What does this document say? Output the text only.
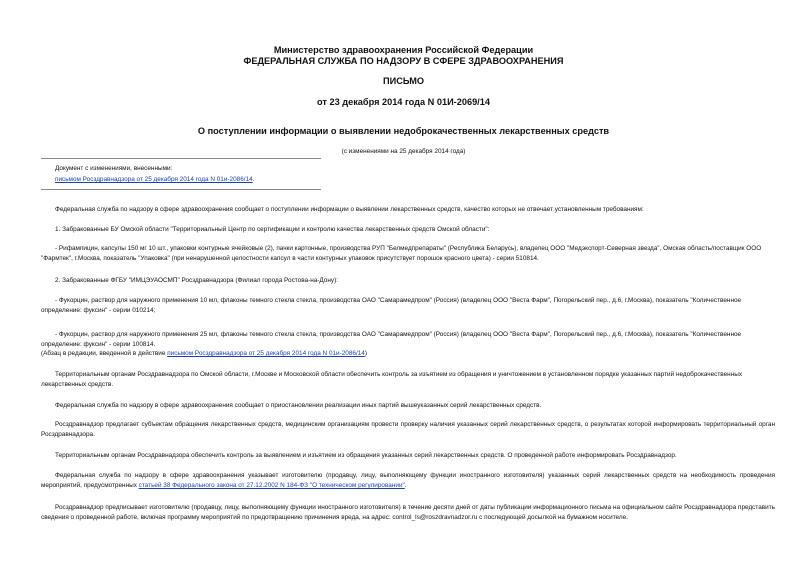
Министерство здравоохранения Российской Федерации
ФЕДЕРАЛЬНАЯ СЛУЖБА ПО НАДЗОРУ В СФЕРЕ ЗДРАВООХРАНЕНИЯ
ПИСЬМО
от 23 декабря 2014 года N 01И-2069/14
О поступлении информации о выявлении недоброкачественных лекарственных средств
(с изменениями на 25 декабря 2014 года)
Документ с изменениями, внесенными:
письмом Росздравнадзора от 25 декабря 2014 года N 01и-2086/14.
Федеральная служба по надзору в сфере здравоохранения сообщает о поступлении информации о выявлении лекарственных средств, качество которых не отвечает установленным требованиям:
1. Забракованные БУ Омской области "Территориальный Центр по сертификации и контролю качества лекарственных средств Омской области":
- Рифампицин, капсулы 150 мг 10 шт., упаковки контурные ячейковые (2), пачки картонные, производства РУП "Белмедпрепараты" (Республика Беларусь), владелец ООО "Медэкспорт-Северная звезда", Омская область/поставщик ООО "Фармтек", г.Москва, показатель "Упаковка" (при ненарушенной целостности капсул в части контурных упаковок присутствует порошок красного цвета) - серии 510814.
2. Забракованные ФГБУ "ИМЦЭУАОСМП" Росздравнадзора (Филиал города Ростова-на-Дону):
- Фукорцин, раствор для наружного применения 10 мл, флаконы темного стекла стекла, производства ОАО "Самарамедпром" (Россия) (владелец ООО "Веста Фарм", Погорельский пер., д.6, г.Москва), показатель "Количественное определение: фуксин" - серии 010214;
- Фукорцин, раствор для наружного применения 25 мл, флаконы темного стекла стекла, производства ОАО "Самарамедпром" (Россия) (владелец ООО "Веста Фарм", Погорельский пер., д.6, г.Москва), показатель "Количественное определение: фуксин" - серии 100814.
(Абзац в редакции, введенной в действие письмом Росздравнадзора от 25 декабря 2014 года N 01и-2086/14)
Территориальным органам Росздравнадзора по Омской области, г.Москве и Московской области обеспечить контроль за изъятием из обращения и уничтожением в установленном порядке указанных партий недоброкачественных лекарственных средств.
Федеральная служба по надзору в сфере здравоохранения сообщает о приостановлении реализации иных партий вышеуказанных серий лекарственных средств.
Росздравнадзор предлагает субъектам обращения лекарственных средств, медицинским организациям провести проверку наличия указанных серий лекарственных средств, о результатах которой информировать территориальный орган Росздравнадзора.
Территориальным органам Росздравнадзора обеспечить контроль за выявлением и изъятием из обращения указанных серий лекарственных средств. О проведенной работе информировать Росздравнадзор.
Федеральная служба по надзору в сфере здравоохранения указывает изготовителю (продавцу, лицу, выполняющему функции иностранного изготовителя) указанных серий лекарственных средств на необходимость проведения мероприятий, предусмотренных статьей 38 Федерального закона от 27.12.2002 N 184-ФЗ "О техническом регулировании".
Росздравнадзор предписывает изготовителю (продавцу, лицу, выполняющему функции иностранного изготовителя) в течение десяти дней от даты публикации информационного письма на официальном сайте Росздравнадзора представить сведения о проведенной работе, включая программу мероприятий по предотвращению причинения вреда, на адрес: control_ls@roszdravnadzor.ru с последующей досылкой на бумажном носителе.
